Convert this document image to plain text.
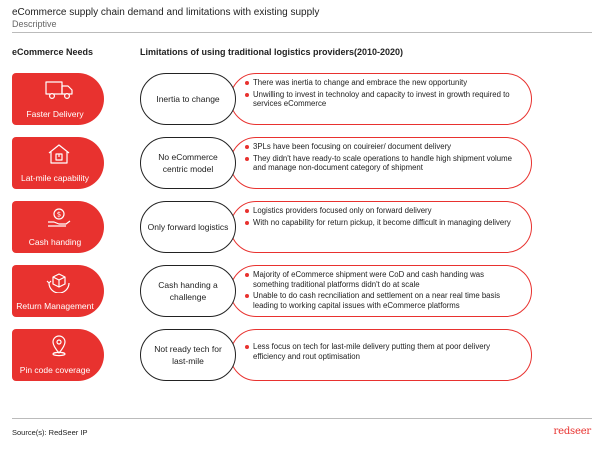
eCommerce supply chain demand and limitations with existing supply
Descriptive
eCommerce Needs	Limitations of using traditional logistics providers(2010-2020)
Faster Delivery
There was inertia to change and embrace the new opportunity
Unwilling to invest in technoloy and capacity to invest in growth required to services eCommerce
Inertia to change
Lat-mile capability
3PLs have been focusing on couireier/ document delivery
They didn't have ready-to scale operations to handle high shipment volume and manage non-document category of shipment
No eCommerce centric model
$
Cash handing
Logistics providers focused only on forward delivery
With no capability for return pickup, it become difficult in managing delivery
Only forward logistics
Return Management
Majority of eCommerce shipment were CoD and cash handing was something traditional platforms didn't do at scale
Unable to do cash recnciliation and settlement on a near real time basis leading to working capital issues with eCommerce platforms
Cash handing a challenge
Pin code coverage
Less focus on tech for last-mile delivery putting them at poor delivery efficiency and rout optimisation
Not ready tech for last-mile
Source(s): RedSeer IP	redseer
